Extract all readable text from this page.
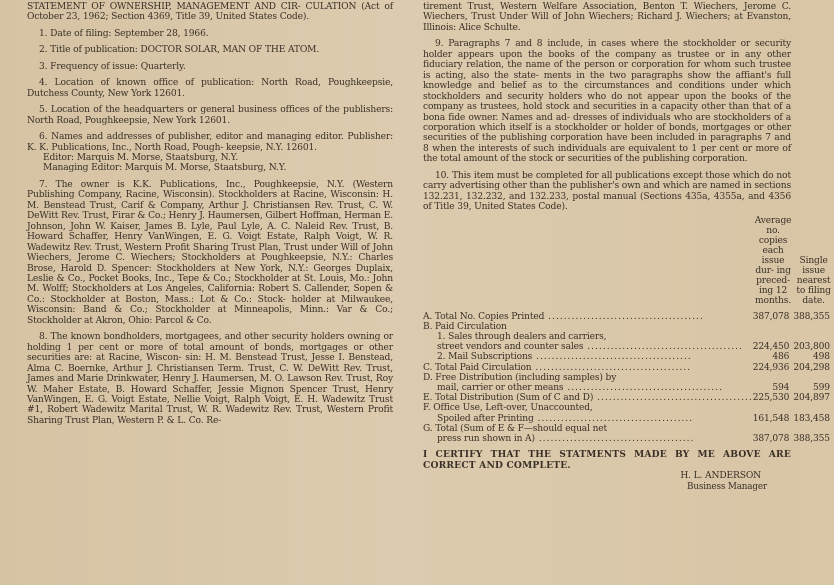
STATEMENT OF OWNERSHIP, MANAGEMENT AND CIR- CULATION (Act of October 23, 1962; Section 4369, Title 39, United States Code).

1. Date of filing: September 28, 1966.

2. Title of publication: DOCTOR SOLAR, MAN OF THE ATOM.

3. Frequency of issue: Quarterly.

4. Location of known office of publication: North Road, Poughkeepsie, Dutchess County, New York 12601.

5. Location of the headquarters or general business offices of the publishers: North Road, Poughkeepsie, New York 12601.

6. Names and addresses of publisher, editor and managing editor. Publisher: K. K. Publications, Inc., North Road, Pough- keepsie, N.Y. 12601.

Editor: Marquis M. Morse, Staatsburg, N.Y.

Managing Editor: Marquis M. Morse, Staatsburg, N.Y.

7. The owner is K.K. Publications, Inc., Poughkeepsie, N.Y. (Western Publishing Company, Racine, Wisconsin). Stockholders at Racine, Wisconsin: H. M. Benstead Trust, Carif & Company, Arthur J. Christiansen Rev. Trust, C. W. DeWitt Rev. Trust, Firar & Co.; Henry J. Haumersen, Gilbert Hoffman, Herman E. Johnson, John W. Kaiser, James B. Lyle, Paul Lyle, A. C. Naleid Rev. Trust, B. Howard Schaffer, Henry VanWingen, E. G. Voigt Estate, Ralph Voigt, W. R. Wadewitz Rev. Trust, Western Profit Sharing Trust Plan, Trust under Will of John Wiechers, Jerome C. Wiechers; Stockholders at Poughkeepsie, N.Y.: Charles Brose, Harold D. Spencer: Stockholders at New York, N.Y.: Georges Duplaix, Leslie & Co., Pocket Books, Inc., Tepe & Co.; Stockholder at St. Louis, Mo.: John M. Wolff; Stockholders at Los Angeles, California: Robert S. Callender, Sopen & Co.: Stockholder at Boston, Mass.: Lot & Co.: Stock- holder at Milwaukee, Wisconsin: Band & Co.; Stockholder at Minneapolis, Minn.: Var & Co.; Stockholder at Akron, Ohio: Parcol & Co.

8. The known bondholders, mortgagees, and other security holders owning or holding 1 per cent or more of total amount of bonds, mortgages or other securities are: at Racine, Wiscon- sin: H. M. Benstead Trust, Jesse I. Benstead, Alma C. Boernke, Arthur J. Christiansen Term. Trust, C. W. DeWitt Rev. Trust, James and Marie Drinkwater, Henry J. Haumersen, M. O. Lawson Rev. Trust, Roy W. Maher Estate, B. Howard Schaffer, Jessie Mignon Spencer Trust, Henry VanWingen, E. G. Voigt Estate, Nellie Voigt, Ralph Voigt, E. H. Wadewitz Trust #1, Robert Wadewitz Marital Trust, W. R. Wadewitz Rev. Trust, Western Profit Sharing Trust Plan, Western P. & L. Co. Re-

tirement Trust, Western Welfare Association, Benton T. Wiechers, Jerome C. Wiechers, Trust Under Will of John Wiechers; Richard J. Wiechers; at Evanston, Illinois: Alice Schulte.

9. Paragraphs 7 and 8 include, in cases where the stockholder or security holder appears upon the books of the company as trustee or in any other fiduciary relation, the name of the person or corporation for whom such trustee is acting, also the state- ments in the two paragraphs show the affiant's full knowledge and belief as to the circumstances and conditions under which stockholders and security holders who do not appear upon the books of the company as trustees, hold stock and securities in a capacity other than that of a bona fide owner. Names and ad- dresses of individuals who are stockholders of a corporation which itself is a stockholder or holder of bonds, mortgages or other securities of the publishing corporation have been included in paragraphs 7 and 8 when the interests of such individuals are equivalent to 1 per cent or more of the total amount of the stock or securities of the publishing corporation.

10. This item must be completed for all publications except those which do not carry advertising other than the publisher's own and which are named in sections 132.231, 132.232, and 132.233, postal manual (Sections 435a, 4355a, and 4356 of Title 39, United States Code).

	Average no. copies each issue dur- ing preced- ing 12 months.	Single issue nearest to filing date.

A. Total No. Copies Printed .....	387,078	388,355
B. Paid Circulation		
1. Sales through dealers and carriers,		
street vendors and counter sales .....	224,450	203,800
2. Mail Subscriptions .....	486	498
C. Total Paid Circulation .....	224,936	204,298
D. Free Distribution (including samples) by		
mail, carrier or other means .....	594	599
E. Total Distribution (Sum of C and D) .....	225,530	204,897
F. Office Use, Left-over, Unaccounted,		
Spoiled after Printing .....	161,548	183,458
G. Total (Sum of E & F—should equal net		
press run shown in A) .....	387,078	388,355

I CERTIFY THAT THE STATMENTS MADE BY ME ABOVE ARE CORRECT AND COMPLETE.

H. L. ANDERSON

Business Manager
